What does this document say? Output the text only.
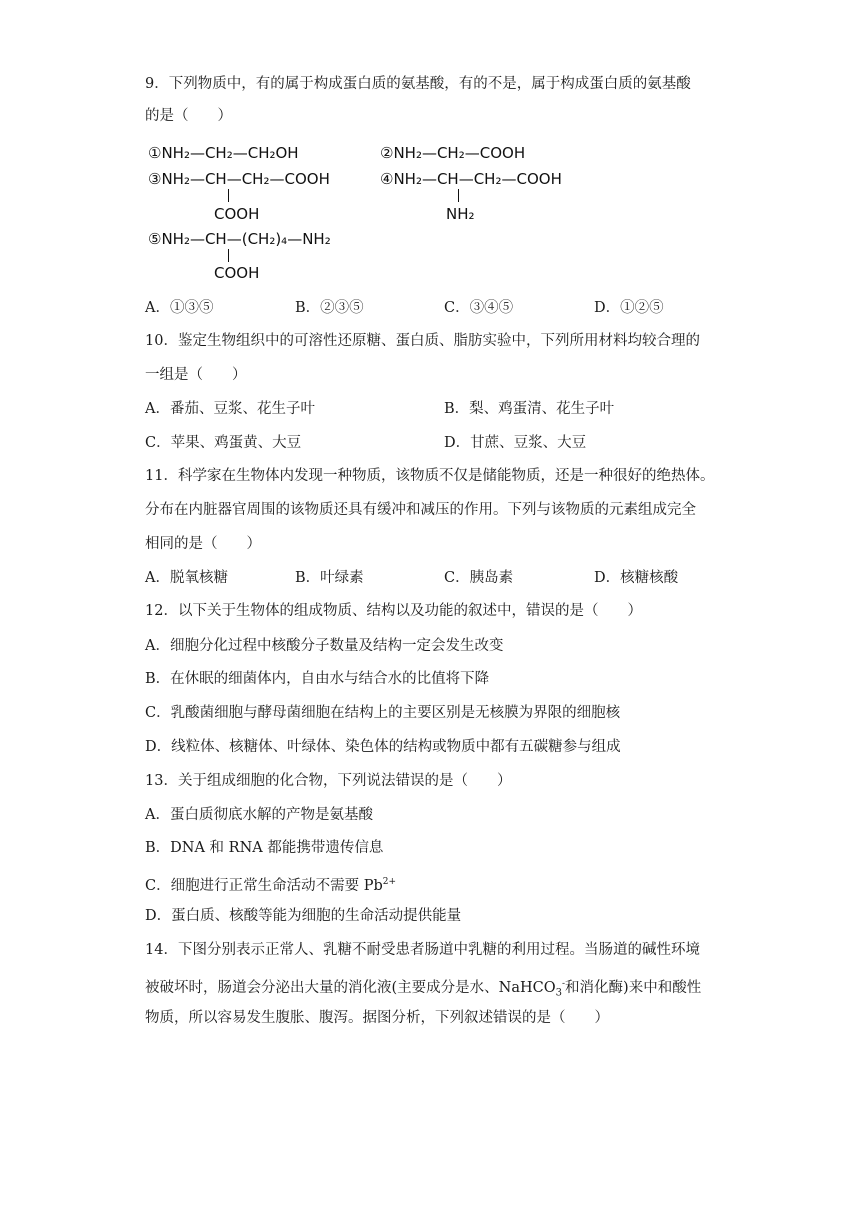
9．下列物质中，有的属于构成蛋白质的氨基酸，有的不是，属于构成蛋白质的氨基酸
的是（　　）
①NH₂—CH₂—CH₂OH	②NH₂—CH₂—COOH
③NH₂—CH—CH₂—COOH
COOH
④NH₂—CH—CH₂—COOH
NH₂
⑤NH₂—CH—(CH₂)₄—NH₂
COOH
A．①③⑤	B．②③⑤	C．③④⑤	D．①②⑤
10．鉴定生物组织中的可溶性还原糖、蛋白质、脂肪实验中，下列所用材料均较合理的
一组是（　　）
A．番茄、豆浆、花生子叶	B．梨、鸡蛋清、花生子叶
C．苹果、鸡蛋黄、大豆	D．甘蔗、豆浆、大豆
11．科学家在生物体内发现一种物质，该物质不仅是储能物质，还是一种很好的绝热体。
分布在内脏器官周围的该物质还具有缓冲和减压的作用。下列与该物质的元素组成完全
相同的是（　　）
A．脱氧核糖	B．叶绿素	C．胰岛素	D．核糖核酸
12．以下关于生物体的组成物质、结构以及功能的叙述中，错误的是（　　）
A．细胞分化过程中核酸分子数量及结构一定会发生改变
B．在休眠的细菌体内，自由水与结合水的比值将下降
C．乳酸菌细胞与酵母菌细胞在结构上的主要区别是无核膜为界限的细胞核
D．线粒体、核糖体、叶绿体、染色体的结构或物质中都有五碳糖参与组成
13．关于组成细胞的化合物，下列说法错误的是（　　）
A．蛋白质彻底水解的产物是氨基酸
B．DNA 和 RNA 都能携带遗传信息
C．细胞进行正常生命活动不需要 $Pb^{2+}$
D．蛋白质、核酸等能为细胞的生命活动提供能量
14．下图分别表示正常人、乳糖不耐受患者肠道中乳糖的利用过程。当肠道的碱性环境
被破坏时，肠道会分泌出大量的消化液(主要成分是水、NaHCO$_3$-和消化酶)来中和酸性
物质，所以容易发生腹胀、腹泻。据图分析，下列叙述错误的是（　　）
